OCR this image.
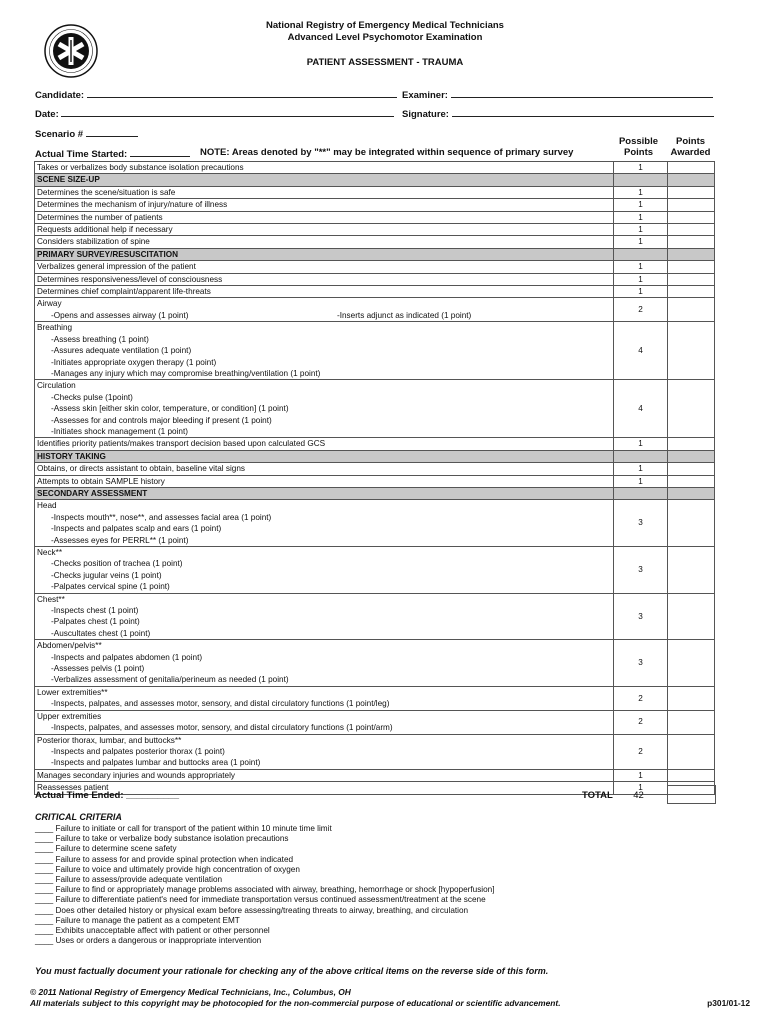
National Registry of Emergency Medical Technicians
Advanced Level Psychomotor Examination
PATIENT ASSESSMENT - TRAUMA
Candidate:	Examiner:
Date:	Signature:
Scenario #
Actual Time Started:	NOTE: Areas denoted by "**" may be integrated within sequence of primary survey
Possible Points
Points Awarded
Takes or verbalizes body substance isolation precautions	1	
SCENE SIZE-UP		
Determines the scene/situation is safe	1	
Determines the mechanism of injury/nature of illness	1	
Determines the number of patients	1	
Requests additional help if necessary	1	
Considers stabilization of spine	1	
PRIMARY SURVEY/RESUSCITATION		
Verbalizes general impression of the patient	1	
Determines responsiveness/level of consciousness	1	
Determines chief complaint/apparent life-threats	1	

Airway
-Opens and assesses airway (1 point) -Inserts adjunct as indicated (1 point)	2	

Breathing
-Assess breathing (1 point)
-Assures adequate ventilation (1 point)
-Initiates appropriate oxygen therapy (1 point)
-Manages any injury which may compromise breathing/ventilation (1 point)	4	

Circulation
-Checks pulse (1point)
-Assess skin [either skin color, temperature, or condition] (1 point)
-Assesses for and controls major bleeding if present (1 point)
-Initiates shock management (1 point)	4	
Identifies priority patients/makes transport decision based upon calculated GCS	1	
HISTORY TAKING		
Obtains, or directs assistant to obtain, baseline vital signs	1	
Attempts to obtain SAMPLE history	1	
SECONDARY ASSESSMENT		

Head
-Inspects mouth**, nose**, and assesses facial area (1 point)
-Inspects and palpates scalp and ears (1 point)
-Assesses eyes for PERRL** (1 point)	3	

Neck**
-Checks position of trachea (1 point)
-Checks jugular veins (1 point)
-Palpates cervical spine (1 point)	3	

Chest**
-Inspects chest (1 point)
-Palpates chest (1 point)
-Auscultates chest (1 point)	3	

Abdomen/pelvis**
-Inspects and palpates abdomen (1 point)
-Assesses pelvis (1 point)
-Verbalizes assessment of genitalia/perineum as needed (1 point)	3	

Lower extremities**
-Inspects, palpates, and assesses motor, sensory, and distal circulatory functions (1 point/leg)	2	

Upper extremities
-Inspects, palpates, and assesses motor, sensory, and distal circulatory functions (1 point/arm)	2	

Posterior thorax, lumbar, and buttocks**
-Inspects and palpates posterior thorax (1 point)
-Inspects and palpates lumbar and buttocks area (1 point)	2	
Manages secondary injuries and wounds appropriately	1	
Reassesses patient	1	
Actual Time Ended: __________	TOTAL	42
CRITICAL CRITERIA
____ Failure to initiate or call for transport of the patient within 10 minute time limit
____ Failure to take or verbalize body substance isolation precautions
____ Failure to determine scene safety
____ Failure to assess for and provide spinal protection when indicated
____ Failure to voice and ultimately provide high concentration of oxygen
____ Failure to assess/provide adequate ventilation
____ Failure to find or appropriately manage problems associated with airway, breathing, hemorrhage or shock [hypoperfusion]
____ Failure to differentiate patient's need for immediate transportation versus continued assessment/treatment at the scene
____ Does other detailed history or physical exam before assessing/treating threats to airway, breathing, and circulation
____ Failure to manage the patient as a competent EMT
____ Exhibits unacceptable affect with patient or other personnel
____ Uses or orders a dangerous or inappropriate intervention
You must factually document your rationale for checking any of the above critical items on the reverse side of this form.
© 2011 National Registry of Emergency Medical Technicians, Inc., Columbus, OH
All materials subject to this copyright may be photocopied for the non-commercial purpose of educational or scientific advancement.	p301/01-12
